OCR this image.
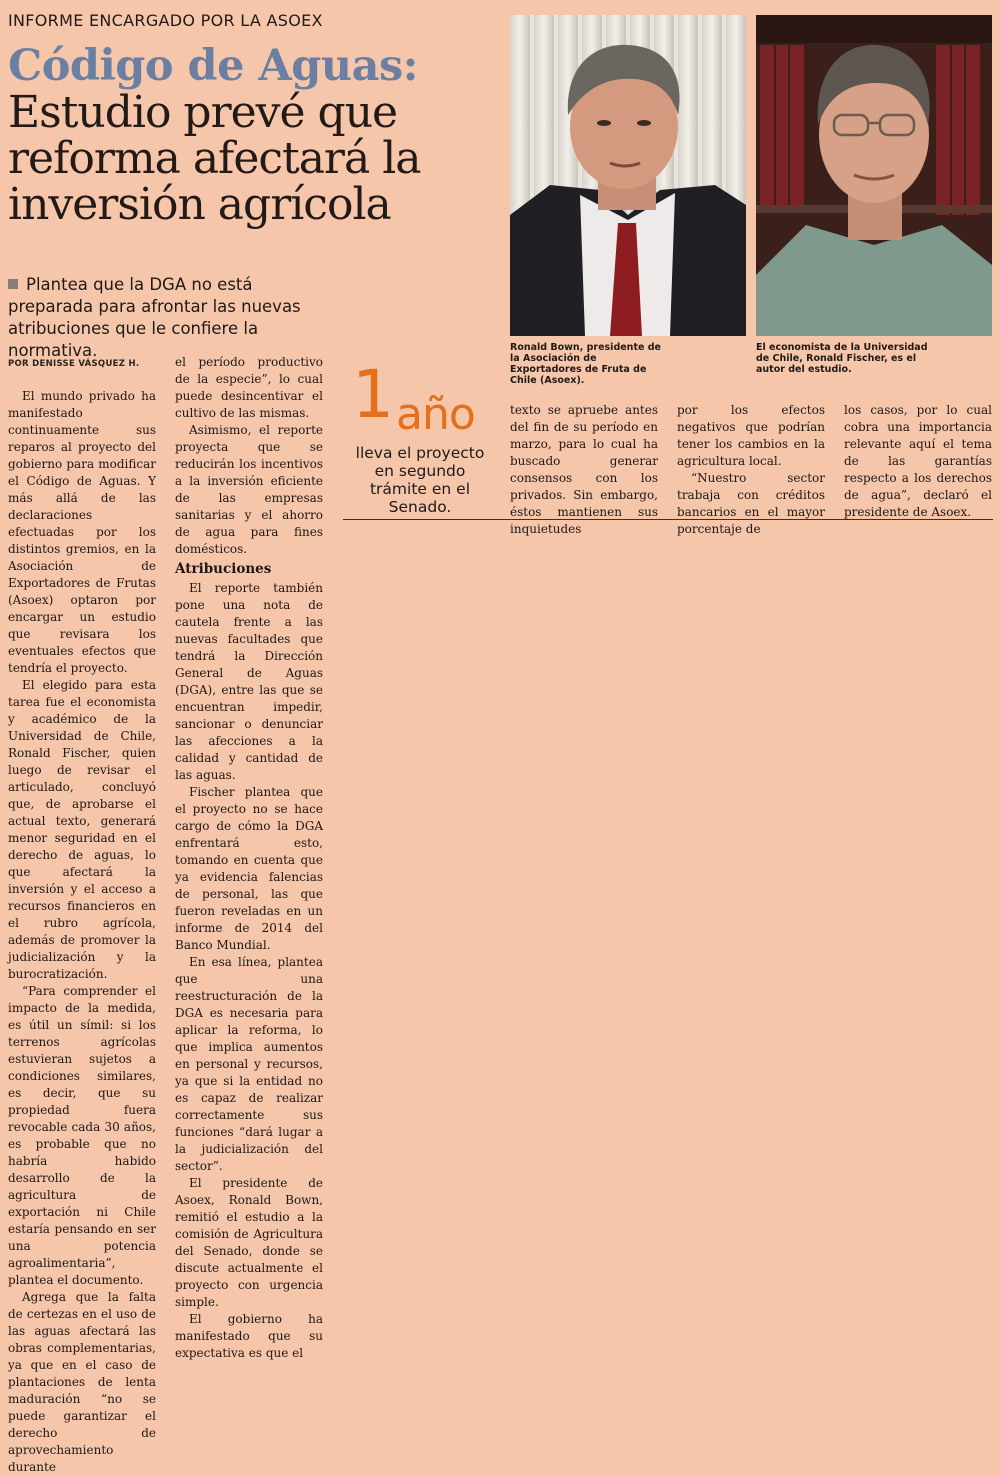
INFORME ENCARGADO POR LA ASOEX
Código de Aguas:
Estudio prevé que
reforma afectará la
inversión agrícola
Plantea que la DGA no está preparada para afrontar las nuevas atribuciones que le confiere la normativa.
POR DENISSE VÁSQUEZ H.

El mundo privado ha manifestado continuamente sus reparos al proyecto del gobierno para modificar el Código de Aguas. Y más allá de las declaraciones efectuadas por los distintos gremios, en la Asociación de Exportadores de Frutas (Asoex) optaron por encargar un estudio que revisara los eventuales efectos que tendría el proyecto.

El elegido para esta tarea fue el economista y académico de la Universidad de Chile, Ronald Fischer, quien luego de revisar el articulado, concluyó que, de aprobarse el actual texto, generará menor seguridad en el derecho de aguas, lo que afectará la inversión y el acceso a recursos financieros en el rubro agrícola, además de promover la judicialización y la burocratización.

“Para comprender el impacto de la medida, es útil un símil: si los terrenos agrícolas estuvieran sujetos a condiciones similares, es decir, que su propiedad fuera revocable cada 30 años, es probable que no habría habido desarrollo de la agricultura de exportación ni Chile estaría pensando en ser una potencia agroalimentaria”, plantea el documento.

Agrega que la falta de certezas en el uso de las aguas afectará las obras complementarias, ya que en el caso de plantaciones de lenta maduración “no se puede garantizar el derecho de aprovechamiento durante

el período productivo de la especie”, lo cual puede desincentivar el cultivo de las mismas.

Asimismo, el reporte proyecta que se reducirán los incentivos a la inversión eficiente de las empresas sanitarias y el ahorro de agua para fines domésticos.

Atribuciones

El reporte también pone una nota de cautela frente a las nuevas facultades que tendrá la Dirección General de Aguas (DGA), entre las que se encuentran impedir, sancionar o denunciar las afecciones a la calidad y cantidad de las aguas.

Fischer plantea que el proyecto no se hace cargo de cómo la DGA enfrentará esto, tomando en cuenta que ya evidencia falencias de personal, las que fueron reveladas en un informe de 2014 del Banco Mundial.

En esa línea, plantea que una reestructuración de la DGA es necesaria para aplicar la reforma, lo que implica aumentos en personal y recursos, ya que si la entidad no es capaz de realizar correctamente sus funciones “dará lugar a la judicialización del sector”.

El presidente de Asoex, Ronald Bown, remitió el estudio a la comisión de Agricultura del Senado, donde se discute actualmente el proyecto con urgencia simple.

El gobierno ha manifestado que su expectativa es que el

Ronald Bown, presidente de la Asociación de Exportadores de Fruta de Chile (Asoex).
El economista de la Universidad de Chile, Ronald Fischer, es el autor del estudio.
1 año
lleva el proyecto en segundo trámite en el Senado.

texto se apruebe antes del fin de su período en marzo, para lo cual ha buscado generar consensos con los privados. Sin embargo, éstos mantienen sus inquietudes

por los efectos negativos que podrían tener los cambios en la agricultura local.

“Nuestro sector trabaja con créditos bancarios en el mayor porcentaje de

los casos, por lo cual cobra una importancia relevante aquí el tema de las garantías respecto a los derechos de agua”, declaró el presidente de Asoex.
